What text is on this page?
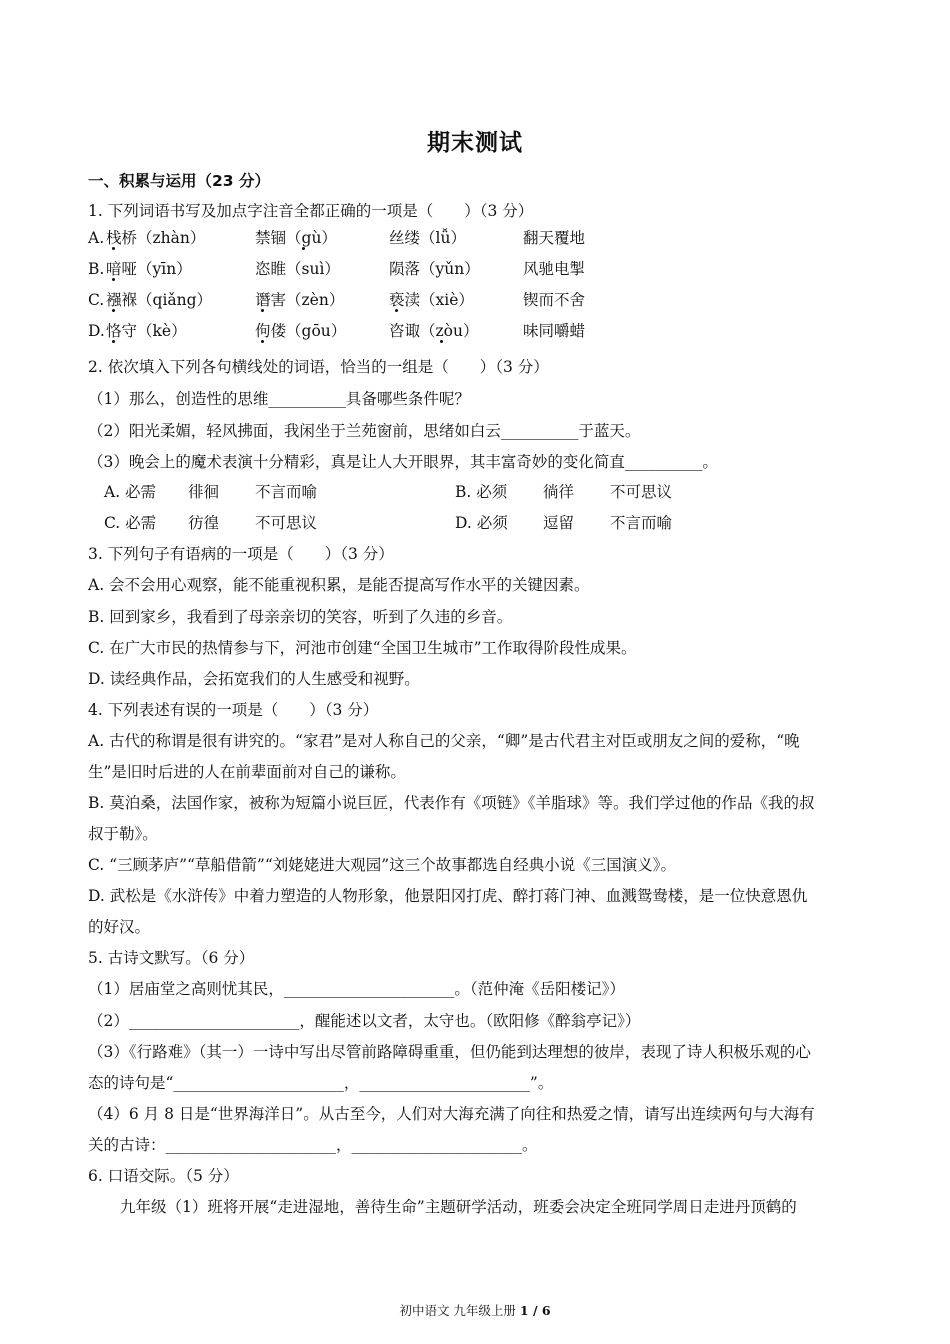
期末测试
一、积累与运用（23 分）
1. 下列词语书写及加点字注音全都正确的一项是（　　）（3 分）
A. 栈桥（zhàn）	禁锢（gù）	丝缕（lǚ）	翻天覆地
B. 喑哑（yīn）	恣睢（suì）	陨落（yǔn）	风驰电掣
C. 襁褓（qiǎng）	谮害（zèn）	亵渎（xiè）	锲而不舍
D. 恪守（kè）	佝偻（gōu）	咨诹（zòu）	味同嚼蜡
2. 依次填入下列各句横线处的词语，恰当的一组是（　　）（3 分）
（1）那么，创造性的思维__________具备哪些条件呢？
（2）阳光柔媚，轻风拂面，我闲坐于兰苑窗前，思绪如白云__________于蓝天。
（3）晚会上的魔术表演十分精彩，真是让人大开眼界，其丰富奇妙的变化简直__________。
A. 必需 徘徊 不言而喻	B. 必须 徜徉 不可思议
C. 必需 彷徨 不可思议	D. 必须 逗留 不言而喻
3. 下列句子有语病的一项是（　　）（3 分）
A. 会不会用心观察，能不能重视积累，是能否提高写作水平的关键因素。
B. 回到家乡，我看到了母亲亲切的笑容，听到了久违的乡音。
C. 在广大市民的热情参与下，河池市创建“全国卫生城市”工作取得阶段性成果。
D. 读经典作品，会拓宽我们的人生感受和视野。
4. 下列表述有误的一项是（　　）（3 分）
A. 古代的称谓是很有讲究的。“家君”是对人称自己的父亲，“卿”是古代君主对臣或朋友之间的爱称，“晚
生”是旧时后进的人在前辈面前对自己的谦称。
B. 莫泊桑，法国作家，被称为短篇小说巨匠，代表作有《项链》《羊脂球》等。我们学过他的作品《我的叔
叔于勒》。
C. “三顾茅庐”“草船借箭”“刘姥姥进大观园”这三个故事都选自经典小说《三国演义》。
D. 武松是《水浒传》中着力塑造的人物形象，他景阳冈打虎、醉打蒋门神、血溅鸳鸯楼，是一位快意恩仇
的好汉。
5. 古诗文默写。（6 分）
（1）居庙堂之高则忧其民，______________________。（范仲淹《岳阳楼记》）
（2）______________________，醒能述以文者，太守也。（欧阳修《醉翁亭记》）
（3）《行路难》（其一）一诗中写出尽管前路障碍重重，但仍能到达理想的彼岸，表现了诗人积极乐观的心
态的诗句是“______________________，______________________”。
（4）6 月 8 日是“世界海洋日”。从古至今，人们对大海充满了向往和热爱之情，请写出连续两句与大海有
关的古诗：______________________，______________________。
6. 口语交际。（5 分）
九年级（1）班将开展“走进湿地，善待生命”主题研学活动，班委会决定全班同学周日走进丹顶鹤的
初中语文 九年级上册 1 / 6
